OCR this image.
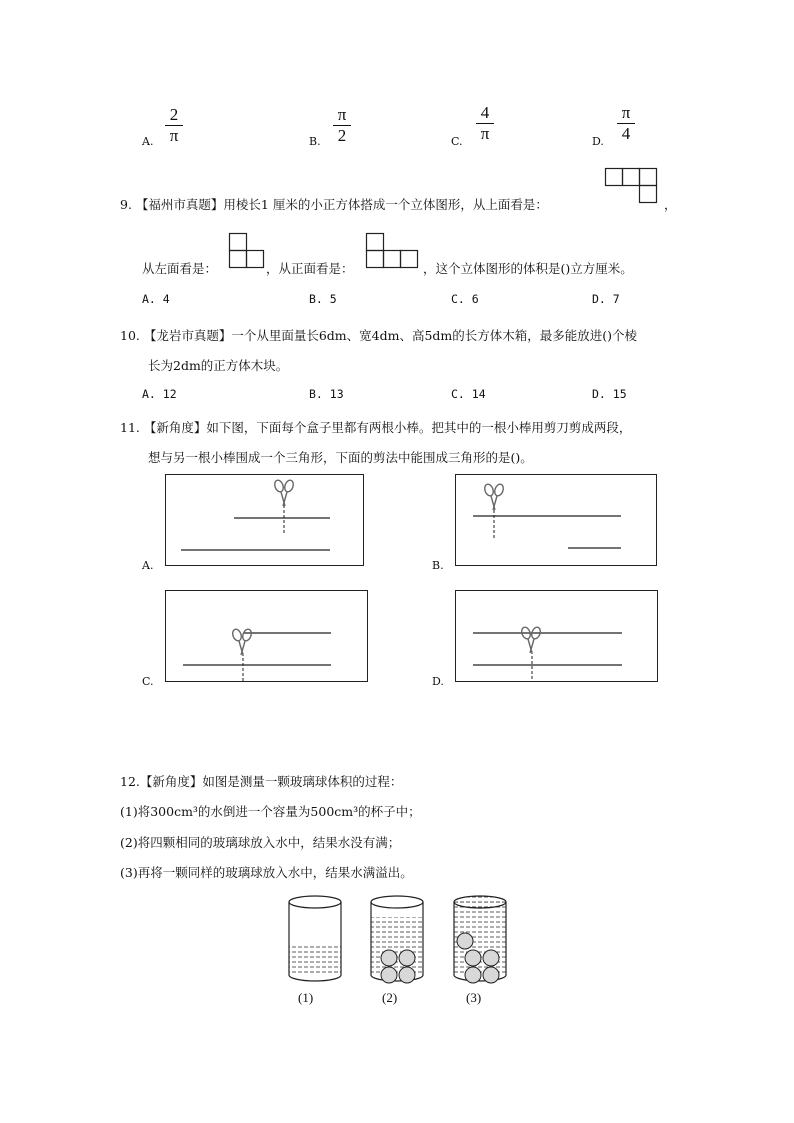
A.
2
π	B.
π
2	C.
4
π	D.
π
4
9. 【福州市真题】用棱长1 厘米的小正方体搭成一个立体图形，从上面看是：	，
从左面看是：	，从正面看是：	，这个立体图形的体积是()立方厘米。
A. 4	B. 5	C. 6	D. 7
10. 【龙岩市真题】一个从里面量长6dm、宽4dm、高5dm的长方体木箱，最多能放进()个棱
长为2dm的正方体木块。
A. 12	B. 13	C. 14	D. 15
11. 【新角度】如下图，下面每个盒子里都有两根小棒。把其中的一根小棒用剪刀剪成两段，
想与另一根小棒围成一个三角形，下面的剪法中能围成三角形的是()。
A.	B.
C.	D.
12.【新角度】如图是测量一颗玻璃球体积的过程：
(1)将300cm³的水倒进一个容量为500cm³的杯子中；
(2)将四颗相同的玻璃球放入水中，结果水没有满；
(3)再将一颗同样的玻璃球放入水中，结果水满溢出。
(1)	(2)	(3)
